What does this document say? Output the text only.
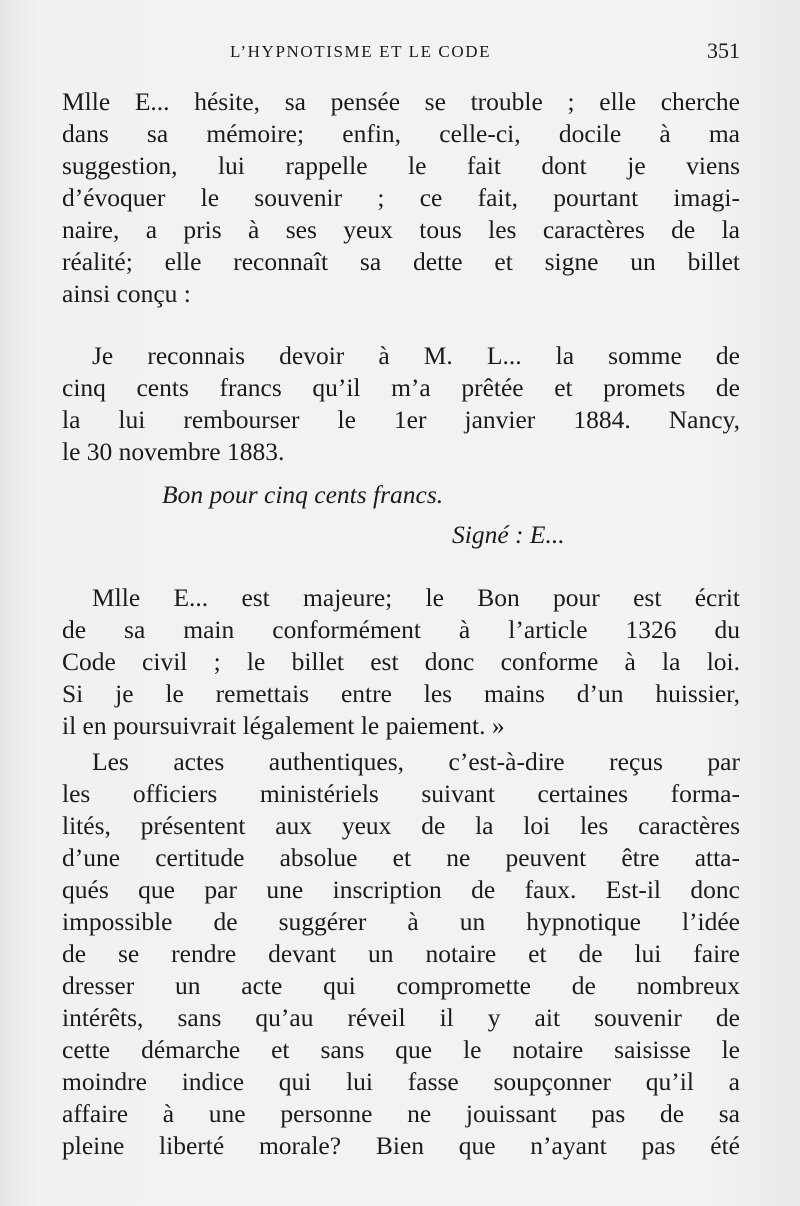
L’HYPNOTISME ET LE CODE	351
Mlle E... hésite, sa pensée se trouble ; elle cherche
dans sa mémoire; enfin, celle-ci, docile à ma
suggestion, lui rappelle le fait dont je viens
d’évoquer le souvenir ; ce fait, pourtant imagi-
naire, a pris à ses yeux tous les caractères de la
réalité; elle reconnaît sa dette et signe un billet
ainsi conçu :
Je reconnais devoir à M. L... la somme de
cinq cents francs qu’il m’a prêtée et promets de
la lui rembourser le 1er janvier 1884. Nancy,
le 30 novembre 1883.
Bon pour cinq cents francs.
Signé : E...
Mlle E... est majeure; le Bon pour est écrit
de sa main conformément à l’article 1326 du
Code civil ; le billet est donc conforme à la loi.
Si je le remettais entre les mains d’un huissier,
il en poursuivrait légalement le paiement. »
Les actes authentiques, c’est-à-dire reçus par
les officiers ministériels suivant certaines forma-
lités, présentent aux yeux de la loi les caractères
d’une certitude absolue et ne peuvent être atta-
qués que par une inscription de faux. Est-il donc
impossible de suggérer à un hypnotique l’idée
de se rendre devant un notaire et de lui faire
dresser un acte qui compromette de nombreux
intérêts, sans qu’au réveil il y ait souvenir de
cette démarche et sans que le notaire saisisse le
moindre indice qui lui fasse soupçonner qu’il a
affaire à une personne ne jouissant pas de sa
pleine liberté morale? Bien que n’ayant pas été
